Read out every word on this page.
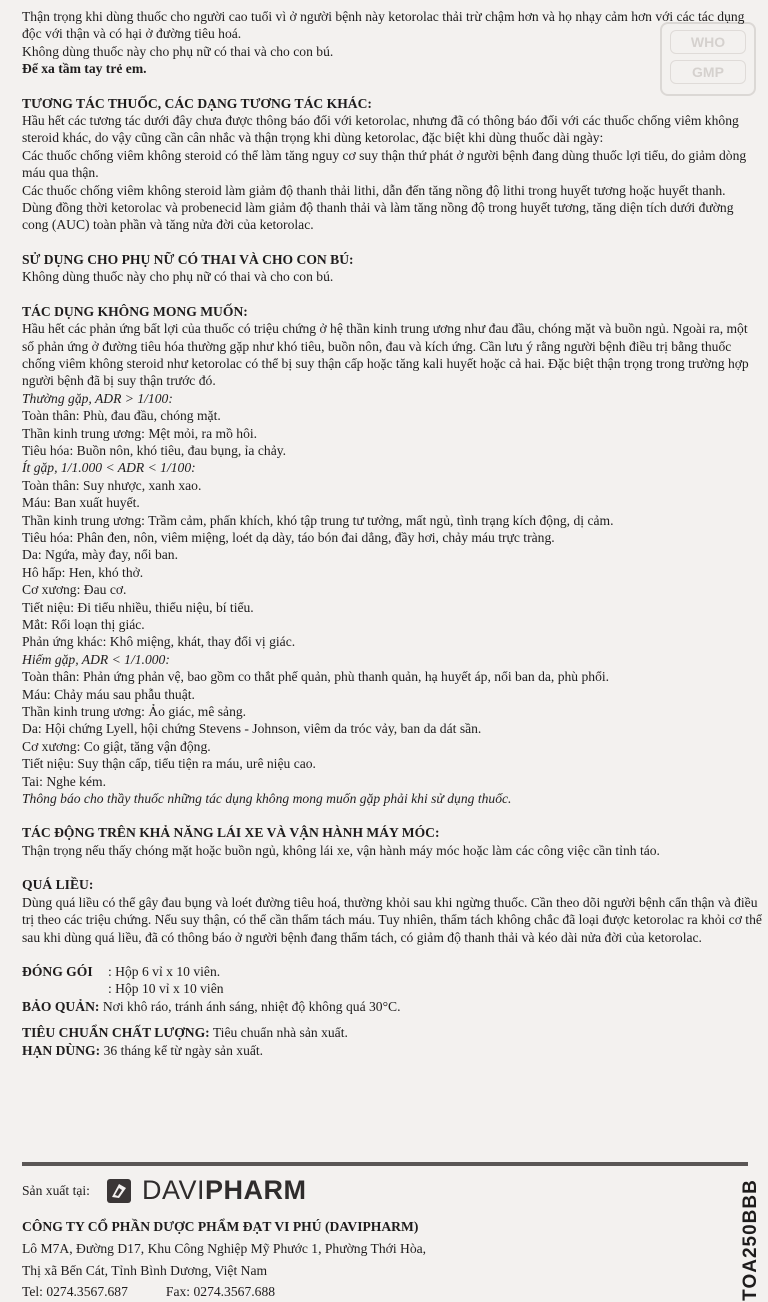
WHO
GMP

Thận trọng khi dùng thuốc cho người cao tuổi vì ở người bệnh này ketorolac thải trừ chậm hơn và họ nhạy cảm hơn với các tác dụng độc với thận và có hại ở đường tiêu hoá.

Không dùng thuốc này cho phụ nữ có thai và cho con bú.

Để xa tầm tay trẻ em.

TƯƠNG TÁC THUỐC, CÁC DẠNG TƯƠNG TÁC KHÁC:

Hầu hết các tương tác dưới đây chưa được thông báo đối với ketorolac, nhưng đã có thông báo đối với các thuốc chống viêm không steroid khác, do vậy cũng cần cân nhắc và thận trọng khi dùng ketorolac, đặc biệt khi dùng thuốc dài ngày:

Các thuốc chống viêm không steroid có thể làm tăng nguy cơ suy thận thứ phát ở người bệnh đang dùng thuốc lợi tiểu, do giảm dòng máu qua thận.

Các thuốc chống viêm không steroid làm giảm độ thanh thải lithi, dẫn đến tăng nồng độ lithi trong huyết tương hoặc huyết thanh.

Dùng đồng thời ketorolac và probenecid làm giảm độ thanh thải và làm tăng nồng độ trong huyết tương, tăng diện tích dưới đường cong (AUC) toàn phần và tăng nửa đời của ketorolac.

SỬ DỤNG CHO PHỤ NỮ CÓ THAI VÀ CHO CON BÚ:

Không dùng thuốc này cho phụ nữ có thai và cho con bú.

TÁC DỤNG KHÔNG MONG MUỐN:

Hầu hết các phản ứng bất lợi của thuốc có triệu chứng ở hệ thần kinh trung ương như đau đầu, chóng mặt và buồn ngủ. Ngoài ra, một số phản ứng ở đường tiêu hóa thường gặp như khó tiêu, buồn nôn, đau và kích ứng. Cần lưu ý rằng người bệnh điều trị bằng thuốc chống viêm không steroid như ketorolac có thể bị suy thận cấp hoặc tăng kali huyết hoặc cả hai. Đặc biệt thận trọng trong trường hợp người bệnh đã bị suy thận trước đó.

Thường gặp, ADR > 1/100:

Toàn thân: Phù, đau đầu, chóng mặt.

Thần kinh trung ương: Mệt mỏi, ra mồ hôi.

Tiêu hóa: Buồn nôn, khó tiêu, đau bụng, ỉa chảy.

Ít gặp, 1/1.000 < ADR < 1/100:

Toàn thân: Suy nhược, xanh xao.

Máu: Ban xuất huyết.

Thần kinh trung ương: Trầm cảm, phấn khích, khó tập trung tư tưởng, mất ngủ, tình trạng kích động, dị cảm.

Tiêu hóa: Phân đen, nôn, viêm miệng, loét dạ dày, táo bón đai dẳng, đầy hơi, chảy máu trực tràng.

Da: Ngứa, mày đay, nổi ban.

Hô hấp: Hen, khó thở.

Cơ xương: Đau cơ.

Tiết niệu: Đi tiểu nhiều, thiểu niệu, bí tiểu.

Mắt: Rối loạn thị giác.

Phản ứng khác: Khô miệng, khát, thay đổi vị giác.

Hiếm gặp, ADR < 1/1.000:

Toàn thân: Phản ứng phản vệ, bao gồm co thắt phế quản, phù thanh quản, hạ huyết áp, nổi ban da, phù phổi.

Máu: Chảy máu sau phẫu thuật.

Thần kinh trung ương: Ảo giác, mê sảng.

Da: Hội chứng Lyell, hội chứng Stevens - Johnson, viêm da tróc vảy, ban da dát sần.

Cơ xương: Co giật, tăng vận động.

Tiết niệu: Suy thận cấp, tiểu tiện ra máu, urê niệu cao.

Tai: Nghe kém.

Thông báo cho thầy thuốc những tác dụng không mong muốn gặp phải khi sử dụng thuốc.

TÁC ĐỘNG TRÊN KHẢ NĂNG LÁI XE VÀ VẬN HÀNH MÁY MÓC:

Thận trọng nếu thấy chóng mặt hoặc buồn ngủ, không lái xe, vận hành máy móc hoặc làm các công việc cần tỉnh táo.

QUÁ LIỀU:

Dùng quá liều có thể gây đau bụng và loét đường tiêu hoá, thường khỏi sau khi ngừng thuốc. Cần theo dõi người bệnh cẩn thận và điều trị theo các triệu chứng. Nếu suy thận, có thể cần thẩm tách máu. Tuy nhiên, thẩm tách không chắc đã loại được ketorolac ra khỏi cơ thể sau khi dùng quá liều, đã có thông báo ở người bệnh đang thẩm tách, có giảm độ thanh thải và kéo dài nửa đời của ketorolac.

ĐÓNG GÓI	: Hộp 6 vỉ x 10 viên.
	: Hộp 10 vỉ x 10 viên

BẢO QUẢN: Nơi khô ráo, tránh ánh sáng, nhiệt độ không quá 30°C.

TIÊU CHUẨN CHẤT LƯỢNG: Tiêu chuẩn nhà sản xuất.

HẠN DÙNG: 36 tháng kể từ ngày sản xuất.

Sản xuất tại:	DAVIPHARM

CÔNG TY CỔ PHẦN DƯỢC PHẨM ĐẠT VI PHÚ (DAVIPHARM)

Lô M7A, Đường D17, Khu Công Nghiệp Mỹ Phước 1, Phường Thới Hòa,

Thị xã Bến Cát, Tỉnh Bình Dương, Việt Nam

Tel: 0274.3567.687	Fax: 0274.3567.688	TOA250BBB
